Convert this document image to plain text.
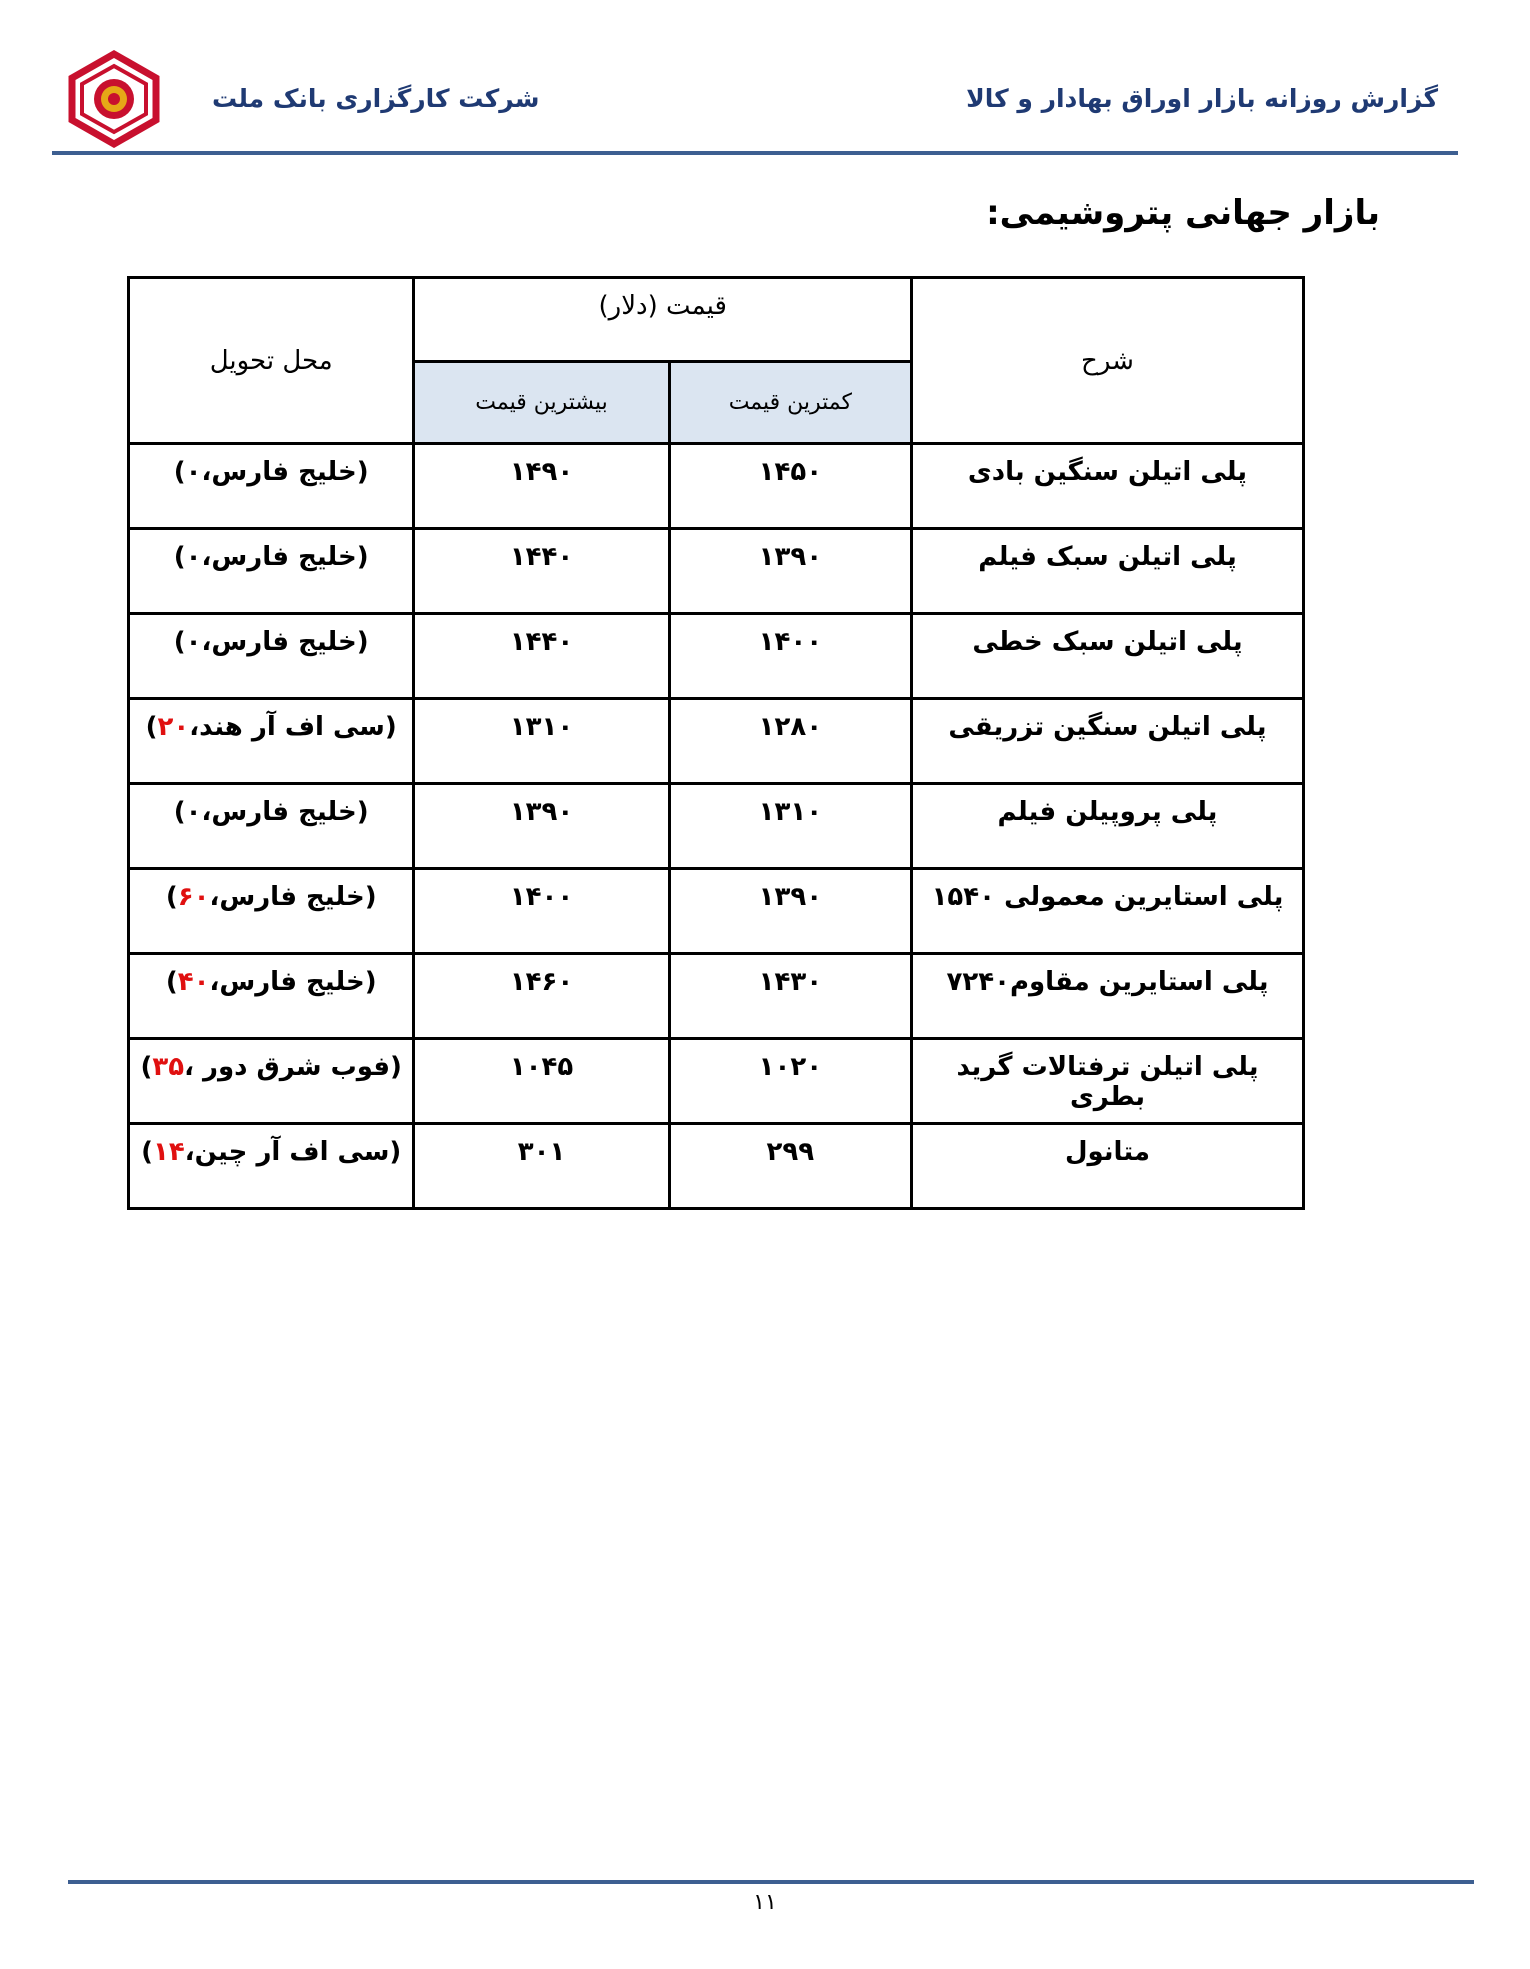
شرکت کارگزاری بانک ملت	گزارش روزانه بازار اوراق بهادار و کالا
بازار جهانی پتروشیمی:
شرح	قیمت (دلار)		محل تحویل
	کمترین قیمت	بیشترین قیمت	
پلی اتیلن سنگین بادی	۱۴۵۰	۱۴۹۰	(خلیج فارس،۰)
پلی اتیلن سبک فیلم	۱۳۹۰	۱۴۴۰	(خلیج فارس،۰)
پلی اتیلن سبک خطی	۱۴۰۰	۱۴۴۰	(خلیج فارس،۰)
پلی اتیلن سنگین تزریقی	۱۲۸۰	۱۳۱۰	(سی اف آر هند،۲۰)
پلی پروپیلن فیلم	۱۳۱۰	۱۳۹۰	(خلیج فارس،۰)
پلی استایرین معمولی ۱۵۴۰	۱۳۹۰	۱۴۰۰	(خلیج فارس،۶۰)
پلی استایرین مقاوم۷۲۴۰	۱۴۳۰	۱۴۶۰	(خلیج فارس،۴۰)
پلی اتیلن ترفتالات گرید بطری	۱۰۲۰	۱۰۴۵	(فوب شرق دور ،۳۵)
متانول	۲۹۹	۳۰۱	(سی اف آر چین،۱۴)
۱۱
